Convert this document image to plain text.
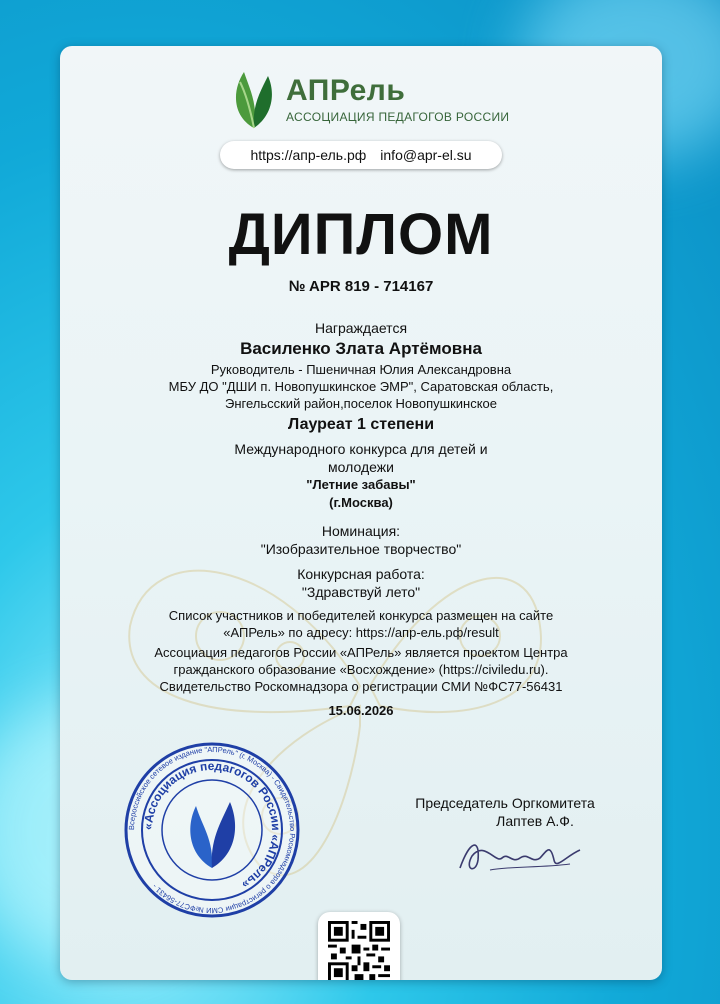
АПРель
АССОЦИАЦИЯ ПЕДАГОГОВ РОССИИ
https://апр-ель.рф info@apr-el.su
ДИПЛОМ
№ APR 819 - 714167
Награждается
Василенко Злата Артёмовна
Руководитель - Пшеничная Юлия Александровна
МБУ ДО "ДШИ п. Новопушкинское ЭМР", Саратовская область,
Энгельсский район,поселок Новопушкинское
Лауреат 1 степени
Международного конкурса для детей и
молодежи
"Летние забавы"
(г.Москва)
Номинация:
"Изобразительное творчество"
Конкурсная работа:
"Здравствуй лето"
Список участников и победителей конкурса размещен на сайте
«АПРель» по адресу: https://апр-ель.рф/result
Ассоциация педагогов России «АПРель» является проектом Центра
гражданского образование «Восхождение» (https://civiledu.ru).
Свидетельство Роскомнадзора о регистрации СМИ №ФС77-56431
15.06.2026
Всероссийское сетевое издание "АПРель" (г. Москва) - Свидетельство Роскомнадзора о регистрации СМИ №ФС77-56431 -
«Ассоциация педагогов России «АПРель»
Председатель Оргкомитета
Лаптев А.Ф.
